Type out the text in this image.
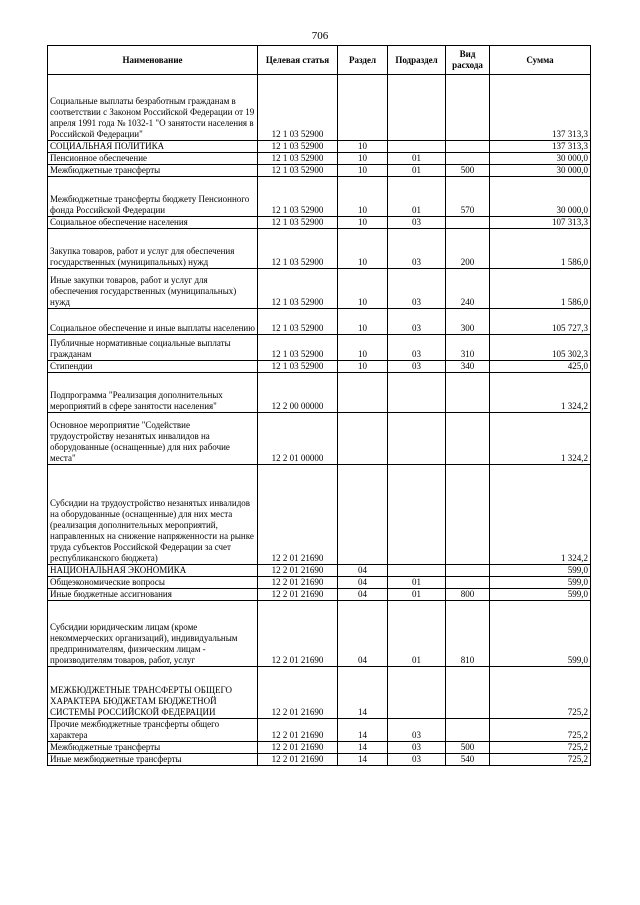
706
Наименование	Целевая статья	Раздел	Подраздел	Вид расхода	Сумма
Социальные выплаты безработным гражданам в соответствии с Законом Российской Федерации от 19 апреля 1991 года № 1032-1 "О занятости населения в Российской Федерации"	12 1 03 52900				137 313,3
СОЦИАЛЬНАЯ ПОЛИТИКА	12 1 03 52900	10			137 313,3
Пенсионное обеспечение	12 1 03 52900	10	01		30 000,0
Межбюджетные трансферты	12 1 03 52900	10	01	500	30 000,0
Межбюджетные трансферты бюджету Пенсионного фонда Российской Федерации	12 1 03 52900	10	01	570	30 000,0
Социальное обеспечение населения	12 1 03 52900	10	03		107 313,3
Закупка товаров, работ и услуг для обеспечения государственных (муниципальных) нужд	12 1 03 52900	10	03	200	1 586,0
Иные закупки товаров, работ и услуг для обеспечения государственных (муниципальных) нужд	12 1 03 52900	10	03	240	1 586,0
Социальное обеспечение и иные выплаты населению	12 1 03 52900	10	03	300	105 727,3
Публичные нормативные социальные выплаты гражданам	12 1 03 52900	10	03	310	105 302,3
Стипендии	12 1 03 52900	10	03	340	425,0
Подпрограмма "Реализация дополнительных мероприятий в сфере занятости населения"	12 2 00 00000				1 324,2
Основное мероприятие "Содействие трудоустройству незанятых инвалидов на оборудованные (оснащенные) для них рабочие места"	12 2 01 00000				1 324,2
Субсидии на трудоустройство незанятых инвалидов на оборудованные (оснащенные) для них места (реализация дополнительных мероприятий, направленных на снижение напряженности на рынке труда субъектов Российской Федерации за счет республиканского бюджета)	12 2 01 21690				1 324,2
НАЦИОНАЛЬНАЯ ЭКОНОМИКА	12 2 01 21690	04			599,0
Общеэкономические вопросы	12 2 01 21690	04	01		599,0
Иные бюджетные ассигнования	12 2 01 21690	04	01	800	599,0
Субсидии юридическим лицам (кроме некоммерческих организаций), индивидуальным предпринимателям, физическим лицам - производителям товаров, работ, услуг	12 2 01 21690	04	01	810	599,0
МЕЖБЮДЖЕТНЫЕ ТРАНСФЕРТЫ ОБЩЕГО ХАРАКТЕРА БЮДЖЕТАМ БЮДЖЕТНОЙ СИСТЕМЫ РОССИЙСКОЙ ФЕДЕРАЦИИ	12 2 01 21690	14			725,2
Прочие межбюджетные трансферты общего характера	12 2 01 21690	14	03		725,2
Межбюджетные трансферты	12 2 01 21690	14	03	500	725,2
Иные межбюджетные трансферты	12 2 01 21690	14	03	540	725,2
